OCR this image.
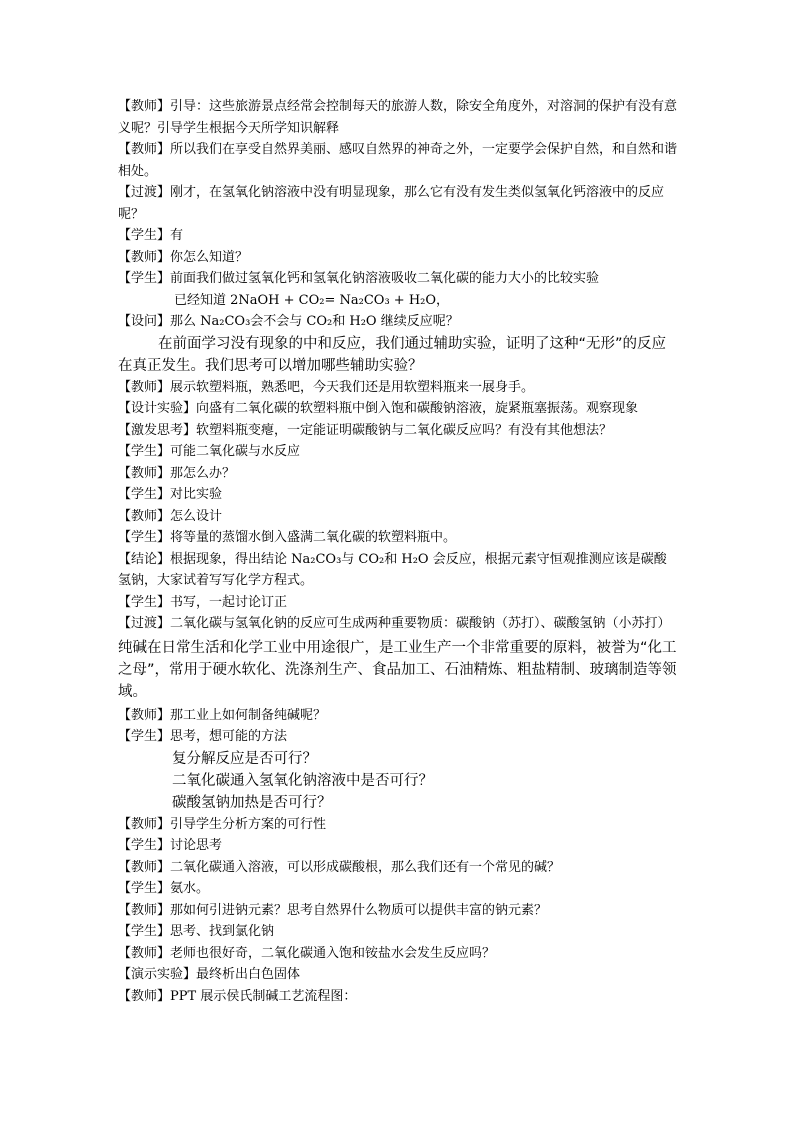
【教师】引导：这些旅游景点经常会控制每天的旅游人数，除安全角度外，对溶洞的保护有没有意义呢？引导学生根据今天所学知识解释

【教师】所以我们在享受自然界美丽、感叹自然界的神奇之外，一定要学会保护自然，和自然和谐相处。

【过渡】刚才，在氢氧化钠溶液中没有明显现象，那么它有没有发生类似氢氧化钙溶液中的反应呢？

【学生】有

【教师】你怎么知道？

【学生】前面我们做过氢氧化钙和氢氧化钠溶液吸收二氧化碳的能力大小的比较实验

已经知道 2NaOH + CO₂= Na₂CO₃ + H₂O，

【设问】那么 Na₂CO₃会不会与 CO₂和 H₂O 继续反应呢？

在前面学习没有现象的中和反应，我们通过辅助实验，证明了这种“无形”的反应在真正发生。我们思考可以增加哪些辅助实验？

【教师】展示软塑料瓶，熟悉吧，今天我们还是用软塑料瓶来一展身手。

【设计实验】向盛有二氧化碳的软塑料瓶中倒入饱和碳酸钠溶液，旋紧瓶塞振荡。观察现象

【激发思考】软塑料瓶变瘪，一定能证明碳酸钠与二氧化碳反应吗？有没有其他想法？

【学生】可能二氧化碳与水反应

【教师】那怎么办？

【学生】对比实验

【教师】怎么设计

【学生】将等量的蒸馏水倒入盛满二氧化碳的软塑料瓶中。

【结论】根据现象，得出结论 Na₂CO₃与 CO₂和 H₂O 会反应，根据元素守恒观推测应该是碳酸氢钠，大家试着写写化学方程式。

【学生】书写，一起讨论订正

【过渡】二氧化碳与氢氧化钠的反应可生成两种重要物质：碳酸钠（苏打）、碳酸氢钠（小苏打）

纯碱在日常生活和化学工业中用途很广，是工业生产一个非常重要的原料，被誉为“化工之母”，常用于硬水软化、洗涤剂生产、食品加工、石油精炼、粗盐精制、玻璃制造等领域。

【教师】那工业上如何制备纯碱呢？

【学生】思考，想可能的方法

复分解反应是否可行？

二氧化碳通入氢氧化钠溶液中是否可行？

碳酸氢钠加热是否可行？

【教师】引导学生分析方案的可行性

【学生】讨论思考

【教师】二氧化碳通入溶液，可以形成碳酸根，那么我们还有一个常见的碱？

【学生】氨水。

【教师】那如何引进钠元素？思考自然界什么物质可以提供丰富的钠元素？

【学生】思考、找到氯化钠

【教师】老师也很好奇，二氧化碳通入饱和铵盐水会发生反应吗？

【演示实验】最终析出白色固体

【教师】PPT 展示侯氏制碱工艺流程图：
